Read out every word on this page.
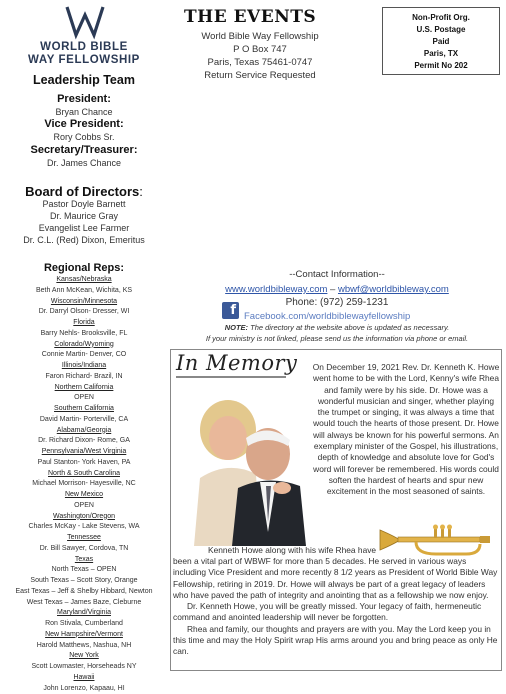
WORLD BIBLE
WAY FELLOWSHIP
Leadership Team
President:
Bryan Chance
Vice President:
Rory Cobbs Sr.
Secretary/Treasurer:
Dr. James Chance
Board of Directors:
Pastor Doyle Barnett
Dr. Maurice Gray
Evangelist Lee Farmer
Dr. C.L. (Red) Dixon, Emeritus
Regional Reps:
Kansas/Nebraska
Beth Ann McKean, Wichita, KS
Wisconsin/Minnesota
Dr. Darryl Olson- Dresser, WI
Florida
Barry Nehls- Brooksville, FL
Colorado/Wyoming
Connie Martin- Denver, CO
Illinois/Indiana
Faron Richard- Brazil, IN
Northern California
OPEN
Southern California
David Martin- Porterville, CA
Alabama/Georgia
Dr. Richard Dixon- Rome, GA
Pennsylvania/West Virginia
Paul Stanton- York Haven, PA
North & South Carolina
Michael Morrison- Hayesville, NC
New Mexico
OPEN
Washington/Oregon
Charles McKay - Lake Stevens, WA
Tennessee
Dr. Bill Sawyer, Cordova, TN
Texas
North Texas – OPEN
South Texas – Scott Story, Orange
East Texas – Jeff & Shelby Hibbard, Newton
West Texas – James Baze, Cleburne
Maryland/Virginia
Ron Stivala, Cumberland
New Hampshire/Vermont
Harold Matthews, Nashua, NH
New York
Scott Lowmaster, Horseheads NY
Hawaii
John Lorenzo, Kapaau, HI
THE EVENTS
World Bible Way Fellowship
P O Box 747
Paris, Texas 75461-0747
Return Service Requested
Non-Profit Org.
U.S. Postage
Paid
Paris, TX
Permit No 202
--Contact Information--
www.worldbibleway.com – wbwf@worldbibleway.com
Phone: (972) 259-1231
f Facebook.com/worldbiblewayfellowship
NOTE: The directory at the website above is updated as necessary.
If your ministry is not linked, please send us the information via phone or email.
In Memory On December 19, 2021 Rev. Dr. Kenneth K. Howe went home to be with the Lord, Kenny's wife Rhea and family were by his side. Dr. Howe was a wonderful musician and singer, whether playing the trumpet or singing, it was always a time that would touch the hearts of those present. Dr. Howe will always be known for his powerful sermons. An exemplary minister of the Gospel, his illustrations, depth of knowledge and absolute love for God's word will forever be remembered. His words could soften the hardest of hearts and spur new excitement in the most seasoned of saints.
Kenneth Howe along with his wife Rhea have
been a vital part of WBWF for more than 5 decades. He served in various ways including Vice President and more recently 8 1/2 years as President of World Bible Way Fellowship, retiring in 2019. Dr. Howe will always be part of a great legacy of leaders who have paved the path of integrity and anointing that as a fellowship we now enjoy.
Dr. Kenneth Howe, you will be greatly missed. Your legacy of faith, hermeneutic command and anointed leadership will never be forgotten.
Rhea and family, our thoughts and prayers are with you. May the Lord keep you in this time and may the Holy Spirit wrap His arms around you and bring peace as only He can.
